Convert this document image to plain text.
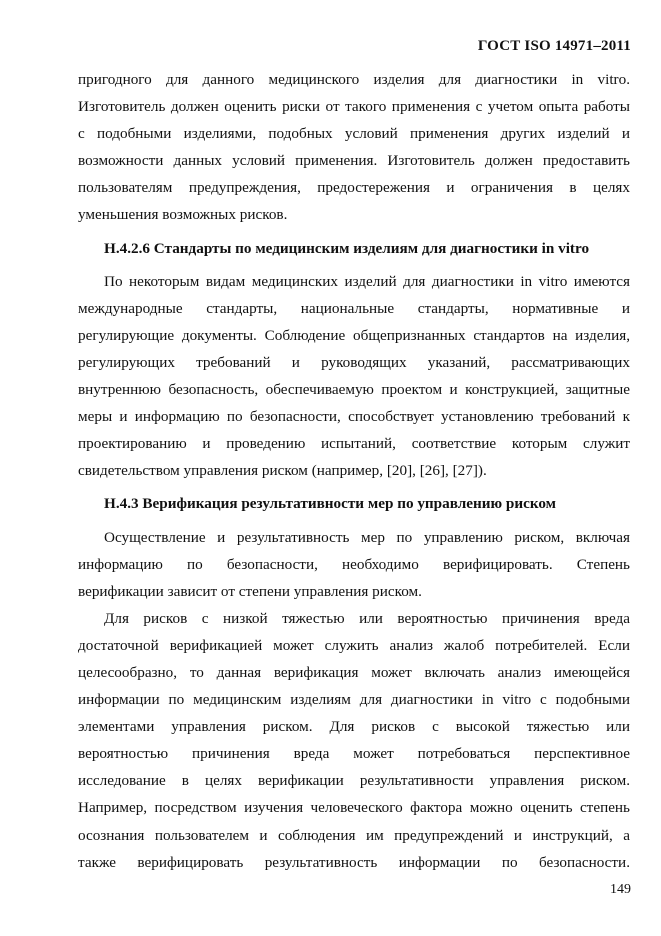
ГОСТ ISO 14971–2011

пригодного для данного медицинского изделия для диагностики in vitro.
Изготовитель должен оценить риски от такого применения с учетом опыта работы
с подобными изделиями, подобных условий применения других изделий и
возможности данных условий применения. Изготовитель должен предоставить
пользователям предупреждения, предостережения и ограничения в целях
уменьшения возможных рисков.

Н.4.2.6 Стандарты по медицинским изделиям для диагностики in vitro

По некоторым видам медицинских изделий для диагностики in vitro имеются
международные стандарты, национальные стандарты, нормативные и
регулирующие документы. Соблюдение общепризнанных стандартов на изделия,
регулирующих требований и руководящих указаний, рассматривающих
внутреннюю безопасность, обеспечиваемую проектом и конструкцией, защитные
меры и информацию по безопасности, способствует установлению требований к
проектированию и проведению испытаний, соответствие которым служит
свидетельством управления риском (например, [20], [26], [27]).

Н.4.3 Верификация результативности мер по управлению риском

Осуществление и результативность мер по управлению риском, включая
информацию по безопасности, необходимо верифицировать. Степень
верификации зависит от степени управления риском.

Для рисков с низкой тяжестью или вероятностью причинения вреда
достаточной верификацией может служить анализ жалоб потребителей. Если
целесообразно, то данная верификация может включать анализ имеющейся
информации по медицинским изделиям для диагностики in vitro с подобными
элементами управления риском. Для рисков с высокой тяжестью или
вероятностью причинения вреда может потребоваться перспективное
исследование в целях верификации результативности управления риском.
Например, посредством изучения человеческого фактора можно оценить степень
осознания пользователем и соблюдения им предупреждений и инструкций, а
также верифицировать результативность информации по безопасности.

149
